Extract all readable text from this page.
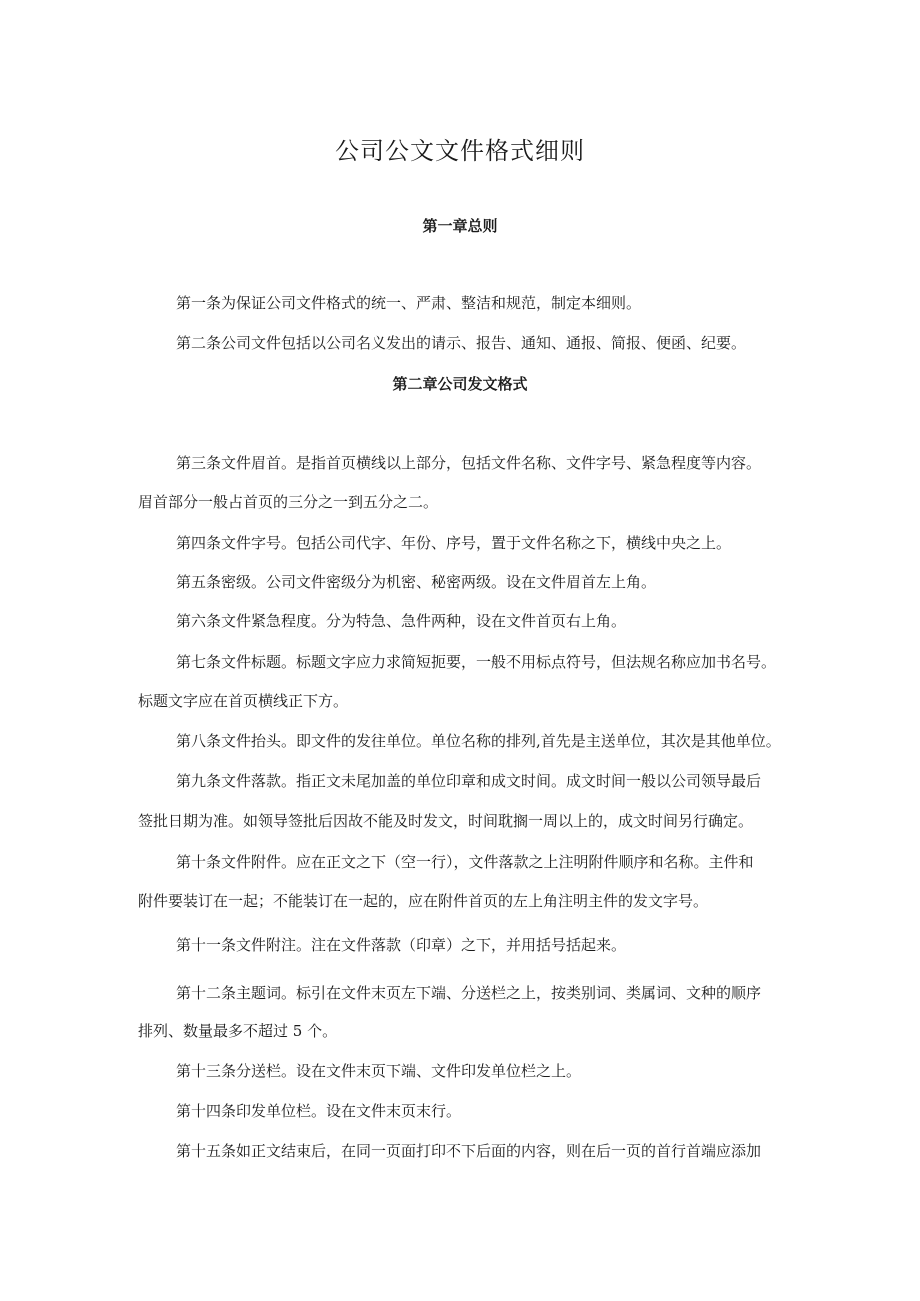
公司公文文件格式细则
第一章总则

第一条为保证公司文件格式的统一、严肃、整洁和规范，制定本细则。

第二条公司文件包括以公司名义发出的请示、报告、通知、通报、简报、便函、纪要。

第二章公司发文格式

第三条文件眉首。是指首页横线以上部分，包括文件名称、文件字号、紧急程度等内容。

眉首部分一般占首页的三分之一到五分之二。

第四条文件字号。包括公司代字、年份、序号，置于文件名称之下，横线中央之上。

第五条密级。公司文件密级分为机密、秘密两级。设在文件眉首左上角。

第六条文件紧急程度。分为特急、急件两种，设在文件首页右上角。

第七条文件标题。标题文字应力求简短扼要，一般不用标点符号，但法规名称应加书名号。

标题文字应在首页横线正下方。

第八条文件抬头。即文件的发往单位。单位名称的排列,首先是主送单位，其次是其他单位。

第九条文件落款。指正文未尾加盖的单位印章和成文时间。成文时间一般以公司领导最后

签批日期为准。如领导签批后因故不能及时发文，时间耽搁一周以上的，成文时间另行确定。

第十条文件附件。应在正文之下（空一行），文件落款之上注明附件顺序和名称。主件和

附件要装订在一起；不能装订在一起的，应在附件首页的左上角注明主件的发文字号。

第十一条文件附注。注在文件落款（印章）之下，并用括号括起来。

第十二条主题词。标引在文件末页左下端、分送栏之上，按类别词、类属词、文种的顺序

排列、数量最多不超过 5 个。

第十三条分送栏。设在文件末页下端、文件印发单位栏之上。

第十四条印发单位栏。设在文件末页末行。

第十五条如正文结束后，在同一页面打印不下后面的内容，则在后一页的首行首端应添加
